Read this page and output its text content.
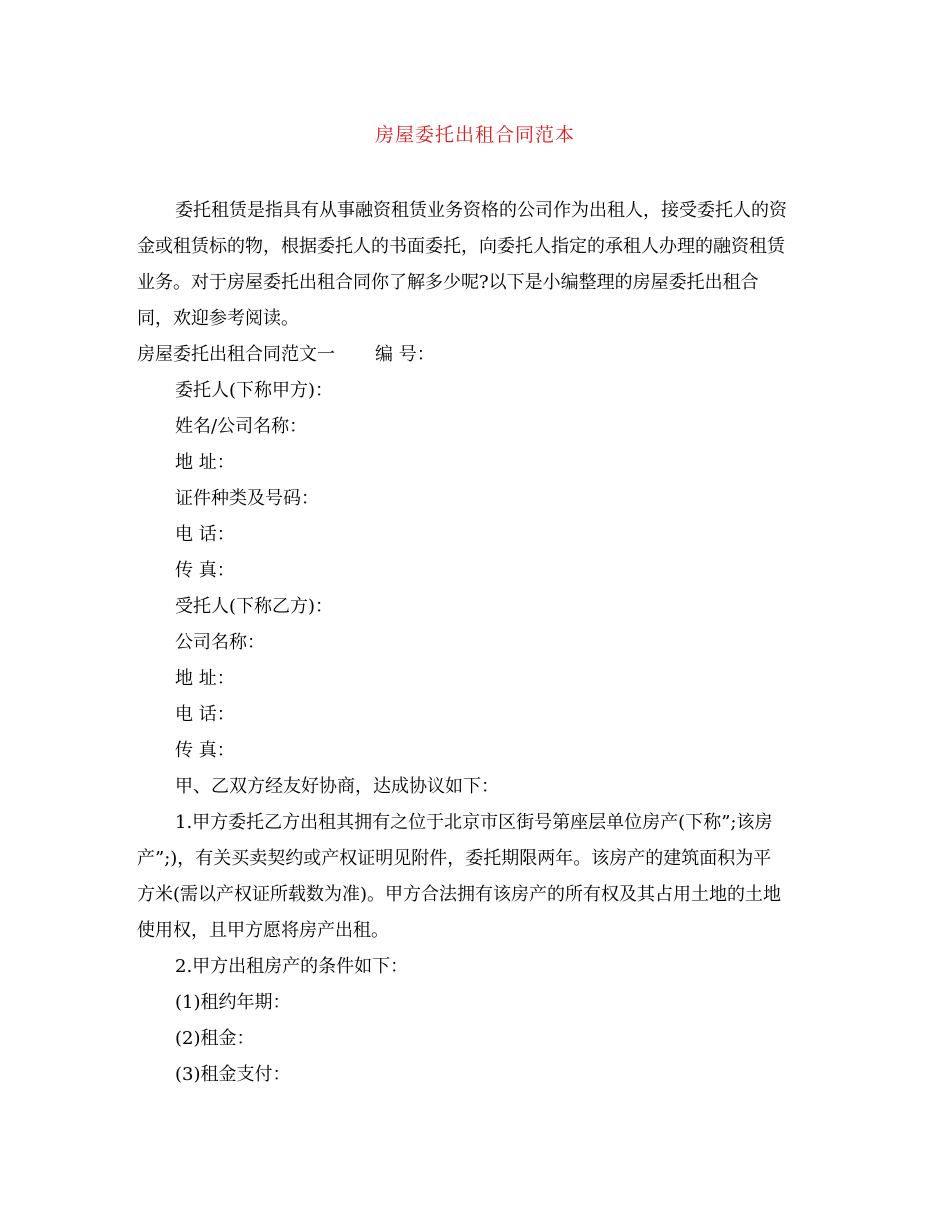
房屋委托出租合同范本
委托租赁是指具有从事融资租赁业务资格的公司作为出租人，接受委托人的资
金或租赁标的物，根据委托人的书面委托，向委托人指定的承租人办理的融资租赁
业务。对于房屋委托出租合同你了解多少呢?以下是小编整理的房屋委托出租合
同，欢迎参考阅读。
房屋委托出租合同范文一 编 号：
委托人(下称甲方)：
姓名/公司名称：
地 址：
证件种类及号码：
电 话：
传 真：
受托人(下称乙方)：
公司名称：
地 址：
电 话：
传 真：
甲、乙双方经友好协商，达成协议如下：
1.甲方委托乙方出租其拥有之位于北京市区街号第座层单位房产(下称”;该房
产”;)，有关买卖契约或产权证明见附件，委托期限两年。该房产的建筑面积为平
方米(需以产权证所载数为准)。甲方合法拥有该房产的所有权及其占用土地的土地
使用权，且甲方愿将房产出租。
2.甲方出租房产的条件如下：
(1)租约年期：
(2)租金：
(3)租金支付：
